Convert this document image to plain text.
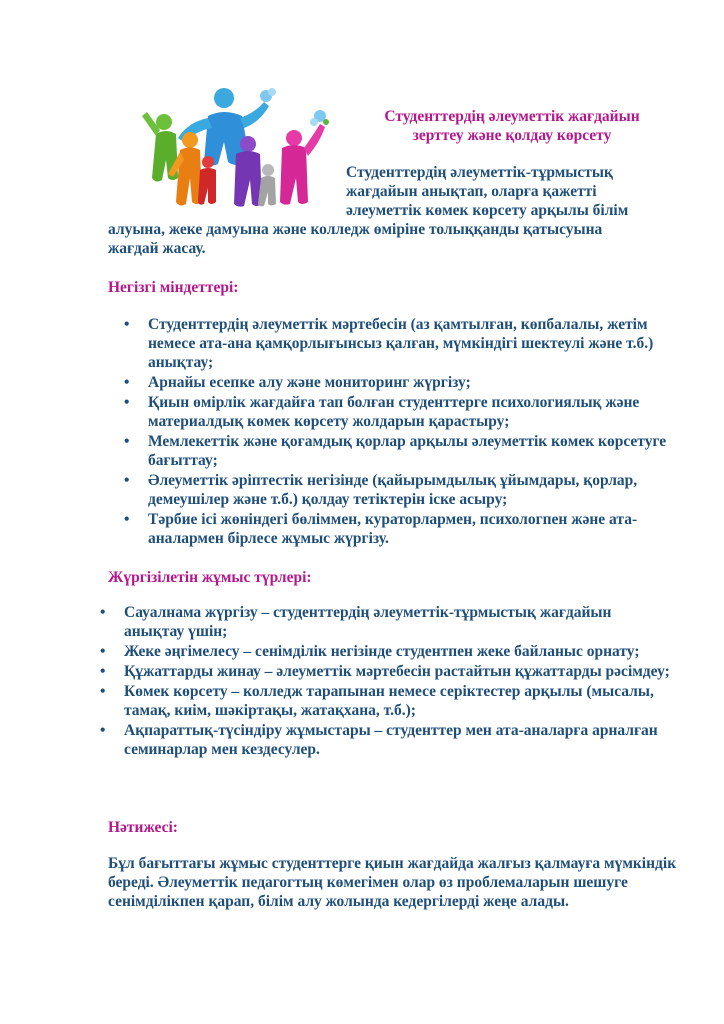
Студенттердің әлеуметтік жағдайын
зерттеу және қолдау көрсету
Студенттердің әлеуметтік-тұрмыстық
жағдайын анықтап, оларға қажетті
әлеуметтік көмек көрсету арқылы білім
алуына, жеке дамуына және колледж өміріне толыққанды қатысуына
жағдай жасау.
Негізгі міндеттері:
• Студенттердің әлеуметтік мәртебесін (аз қамтылған, көпбалалы, жетім немесе ата-ана қамқорлығынсыз қалған, мүмкіндігі шектеулі және т.б.) анықтау;
• Арнайы есепке алу және мониторинг жүргізу;
• Қиын өмірлік жағдайға тап болған студенттерге психологиялық және материалдық көмек көрсету жолдарын қарастыру;
• Мемлекеттік және қоғамдық қорлар арқылы әлеуметтік көмек көрсетуге бағыттау;
• Әлеуметтік әріптестік негізінде (қайырымдылық ұйымдары, қорлар, демеушілер және т.б.) қолдау тетіктерін іске асыру;
• Тәрбие ісі жөніндегі бөліммен, кураторлармен, психологпен және ата-аналармен бірлесе жұмыс жүргізу.
Жүргізілетін жұмыс түрлері:
• Сауалнама жүргізу – студенттердің әлеуметтік-тұрмыстық жағдайын анықтау үшін;
• Жеке әңгімелесу – сенімділік негізінде студентпен жеке байланыс орнату;
• Құжаттарды жинау – әлеуметтік мәртебесін растайтын құжаттарды рәсімдеу;
• Көмек көрсету – колледж тарапынан немесе серіктестер арқылы (мысалы, тамақ, киім, шәкіртақы, жатақхана, т.б.);
• Ақпараттық-түсіндіру жұмыстары – студенттер мен ата-аналарға арналған семинарлар мен кездесулер.
Нәтижесі:
Бұл бағыттағы жұмыс студенттерге қиын жағдайда жалғыз қалмауға мүмкіндік береді. Әлеуметтік педагогтың көмегімен олар өз проблемаларын шешуге сенімділікпен қарап, білім алу жолында кедергілерді жеңе алады.
